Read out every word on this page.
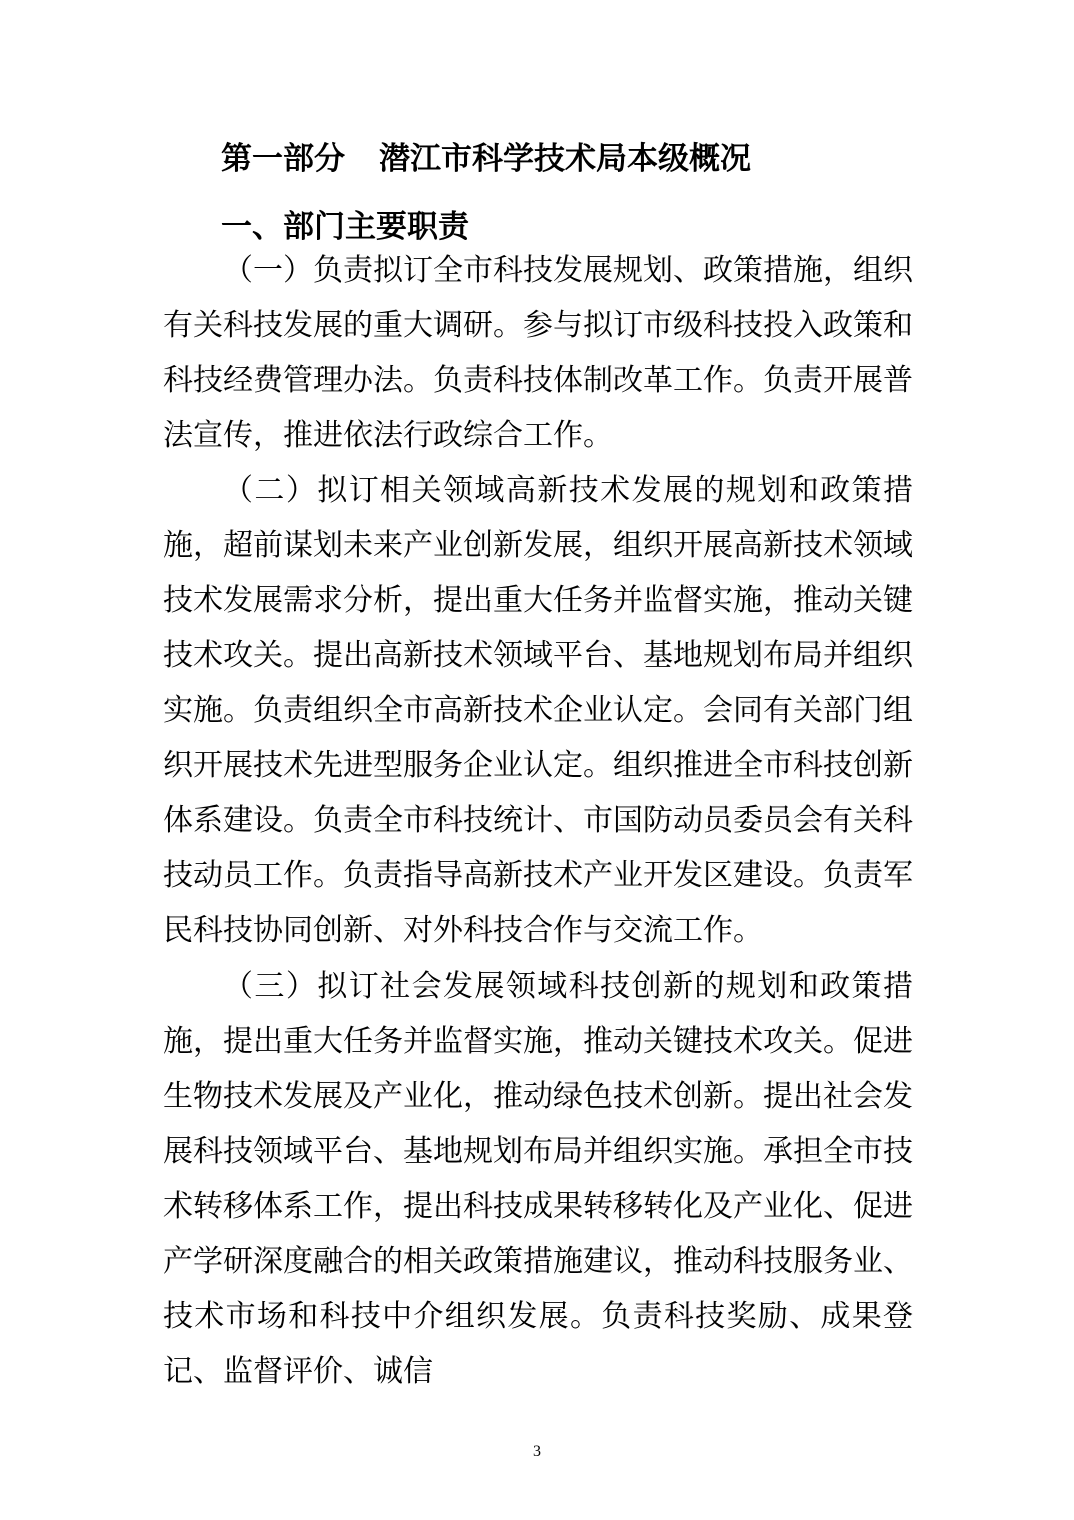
第一部分 潜江市科学技术局本级概况
一、部门主要职责

（一）负责拟订全市科技发展规划、政策措施，组织有关科技发展的重大调研。参与拟订市级科技投入政策和科技经费管理办法。负责科技体制改革工作。负责开展普法宣传，推进依法行政综合工作。

（二）拟订相关领域高新技术发展的规划和政策措施，超前谋划未来产业创新发展，组织开展高新技术领域技术发展需求分析，提出重大任务并监督实施，推动关键技术攻关。提出高新技术领域平台、基地规划布局并组织实施。负责组织全市高新技术企业认定。会同有关部门组织开展技术先进型服务企业认定。组织推进全市科技创新体系建设。负责全市科技统计、市国防动员委员会有关科技动员工作。负责指导高新技术产业开发区建设。负责军民科技协同创新、对外科技合作与交流工作。

（三）拟订社会发展领域科技创新的规划和政策措施，提出重大任务并监督实施，推动关键技术攻关。促进生物技术发展及产业化，推动绿色技术创新。提出社会发展科技领域平台、基地规划布局并组织实施。承担全市技术转移体系工作，提出科技成果转移转化及产业化、促进产学研深度融合的相关政策措施建议，推动科技服务业、技术市场和科技中介组织发展。负责科技奖励、成果登记、监督评价、诚信

3
